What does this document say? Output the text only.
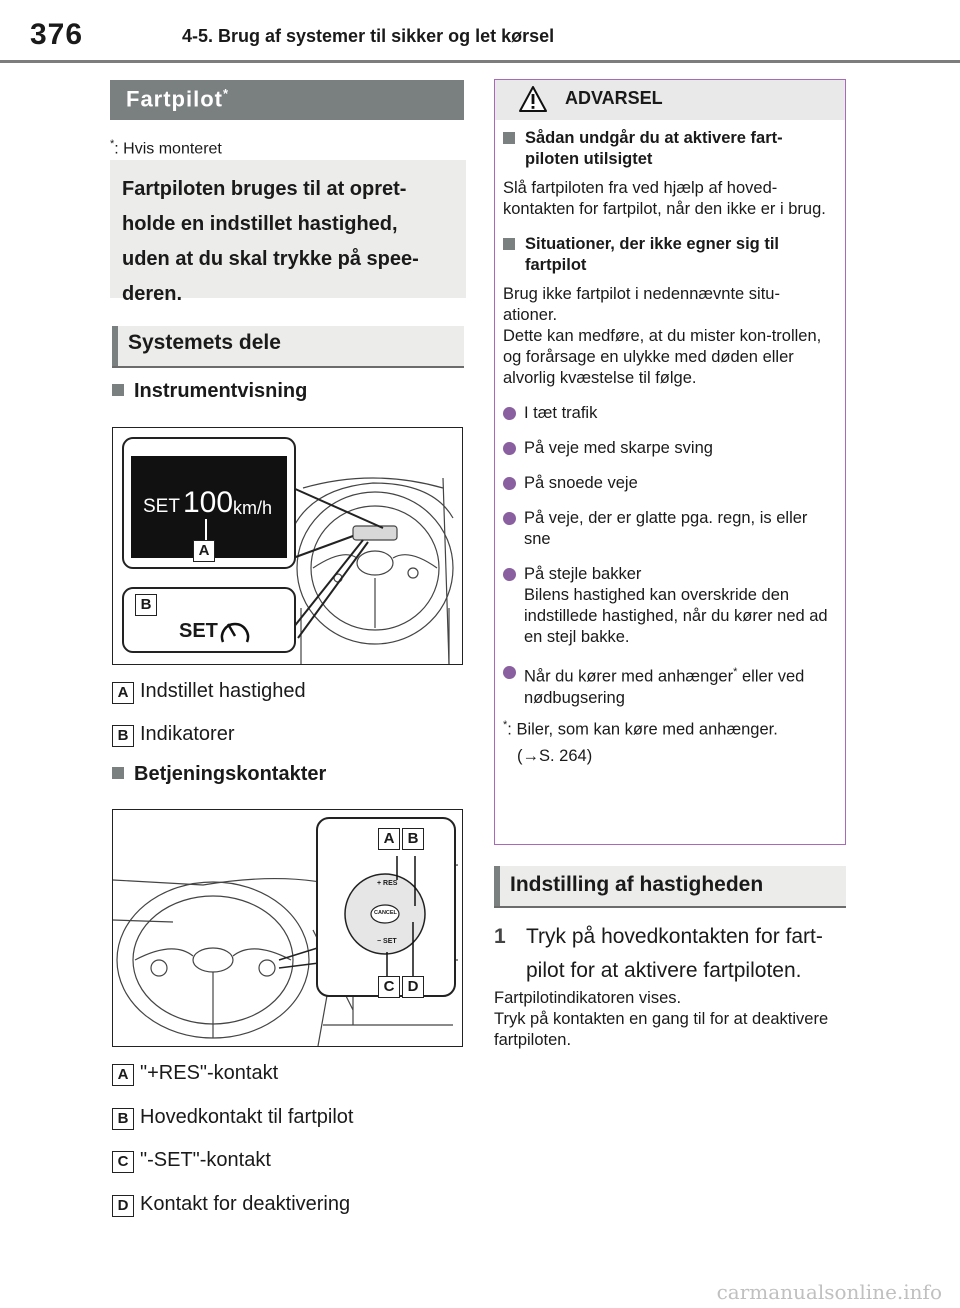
376	4-5. Brug af systemer til sikker og let kørsel
Fartpilot*
*: Hvis monteret
Fartpiloten bruges til at opret-
holde en indstillet hastighed,
uden at du skal trykke på spee-
deren.
Systemets dele
Instrumentvisning
SET 100 km/h
A
B
SET
A Indstillet hastighed
B Indikatorer
Betjeningskontakter
+ RES
CANCEL
− SET
A B
C D
A "+RES"-kontakt
B Hovedkontakt til fartpilot
C "-SET"-kontakt
D Kontakt for deaktivering
ADVARSEL
Sådan undgår du at aktivere fart-piloten utilsigtet

Slå fartpiloten fra ved hjælp af hoved-kontakten for fartpilot, når den ikke er i brug.

Situationer, der ikke egner sig til fartpilot

Brug ikke fartpilot i nedennævnte situ-ationer.

Dette kan medføre, at du mister kon-trollen, og forårsage en ulykke med døden eller alvorlig kvæstelse til følge.

I tæt trafik
På veje med skarpe sving
På snoede veje
På veje, der er glatte pga. regn, is eller sne
På stejle bakker
Bilens hastighed kan overskride den indstillede hastighed, når du kører ned ad en stejl bakke.
Når du kører med anhænger* eller ved nødbugsering
*: Biler, som kan køre med anhænger.
(→S. 264)
Indstilling af hastigheden
1 Tryk på hovedkontakten for fart-
pilot for at aktivere fartpiloten.
Fartpilotindikatoren vises.
Tryk på kontakten en gang til for at deaktivere fartpiloten.
carmanualsonline.info
